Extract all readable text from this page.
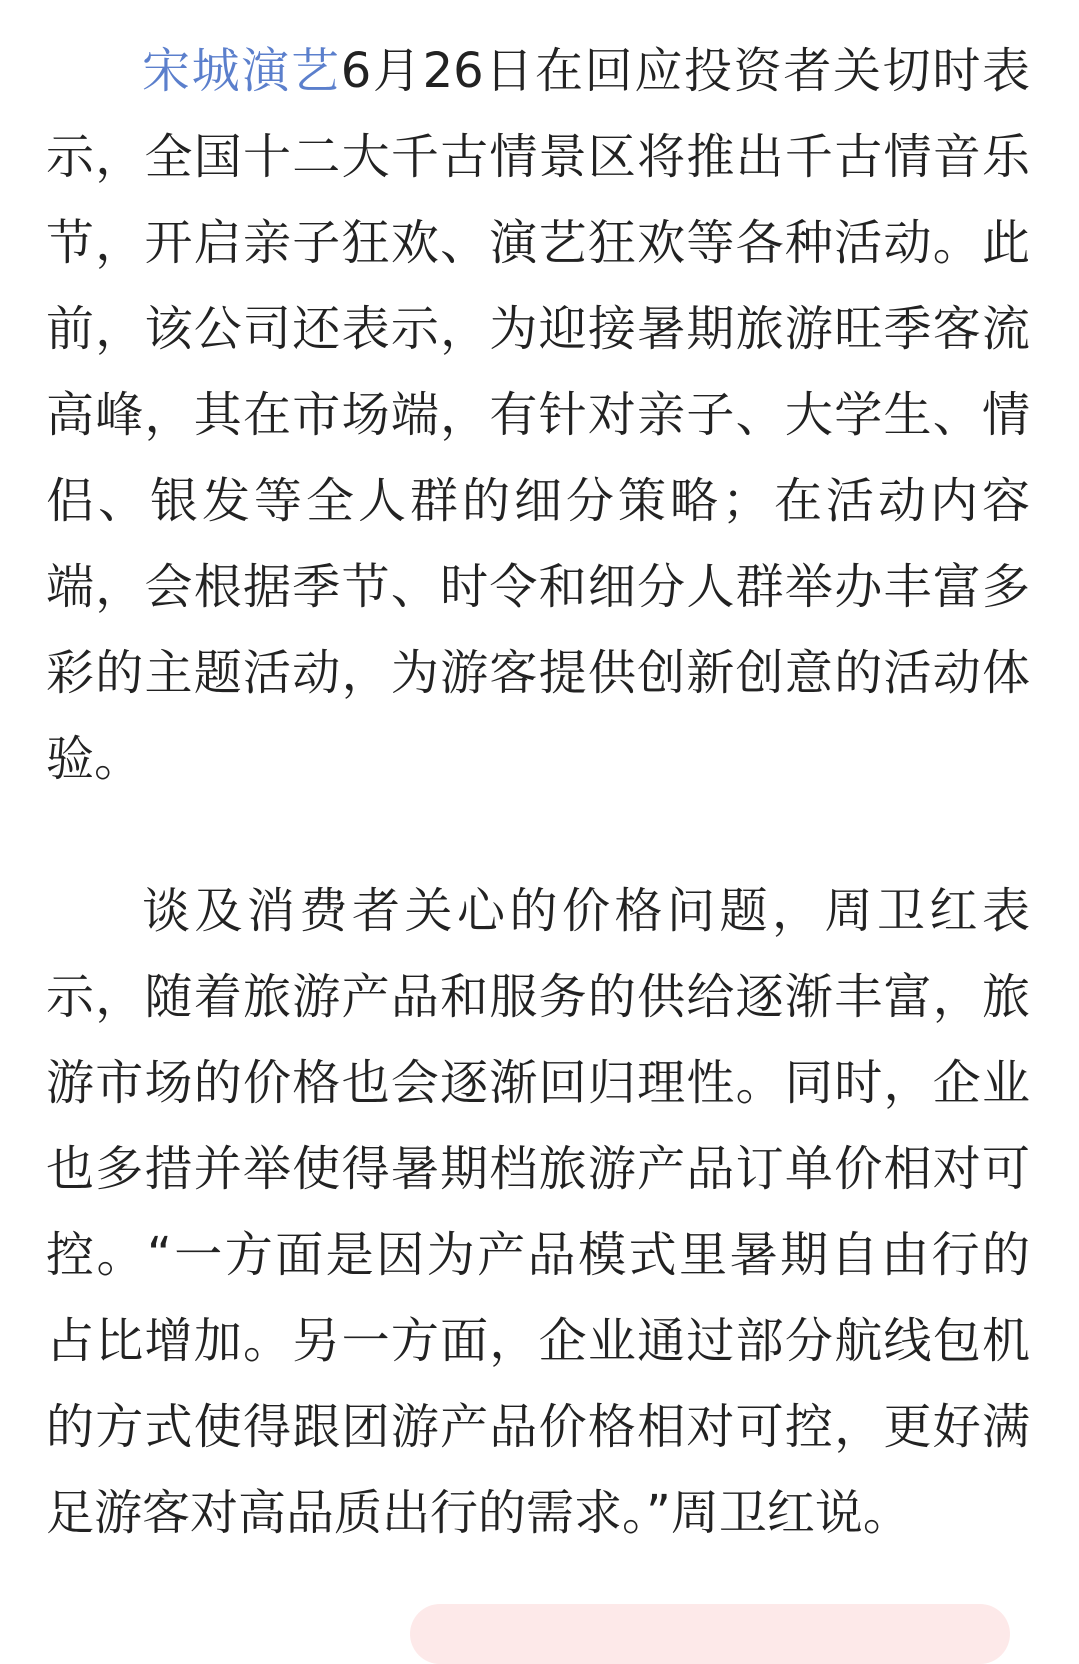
宋城演艺6月26日在回应投资者关切时表示，全国十二大千古情景区将推出千古情音乐节，开启亲子狂欢、演艺狂欢等各种活动。此前，该公司还表示，为迎接暑期旅游旺季客流高峰，其在市场端，有针对亲子、大学生、情侣、银发等全人群的细分策略；在活动内容端，会根据季节、时令和细分人群举办丰富多彩的主题活动，为游客提供创新创意的活动体验。

谈及消费者关心的价格问题，周卫红表示，随着旅游产品和服务的供给逐渐丰富，旅游市场的价格也会逐渐回归理性。同时，企业也多措并举使得暑期档旅游产品订单价相对可控。“一方面是因为产品模式里暑期自由行的占比增加。另一方面，企业通过部分航线包机的方式使得跟团游产品价格相对可控，更好满足游客对高品质出行的需求。”周卫红说。
